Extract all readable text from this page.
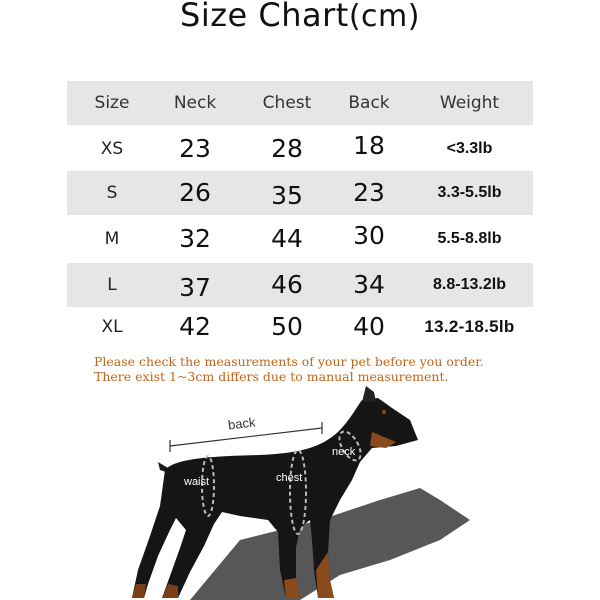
Size Chart(cm)
Size	Neck	Chest	Back	Weight
XS	23	28	18	<3.3lb
S	26	35	23	3.3-5.5lb
M	32	44	30	5.5-8.8lb
L	37	46	34	8.8-13.2lb
XL	42	50	40	13.2-18.5lb
Please check the measurements of your pet before you order.
There exist 1~3cm differs due to manual measurement.
back
waist	chest
neck
